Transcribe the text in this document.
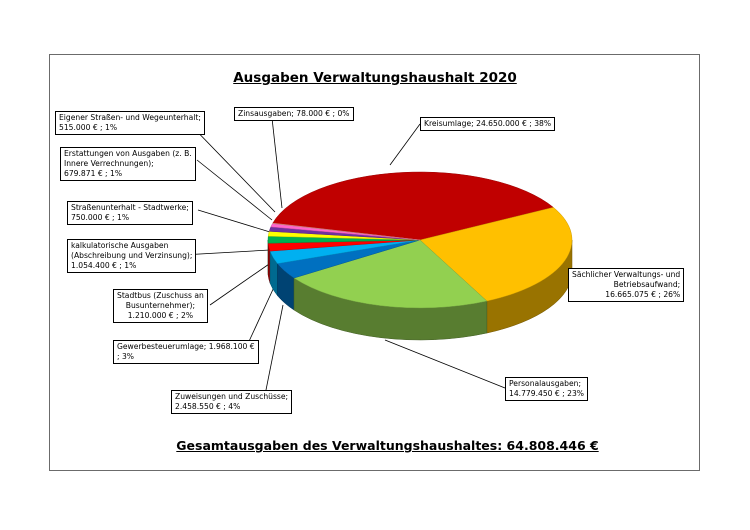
Ausgaben Verwaltungshaushalt 2020
Kreisumlage; 24.650.000 € ; 38%
Sächlicher Verwaltungs- und
Betriebsaufwand;
16.665.075 € ; 26%
Personalausgaben;
14.779.450 € ; 23%
Zuweisungen und Zuschüsse;
2.458.550 € ; 4%
Gewerbesteuerumlage; 1.968.100 €
; 3%
Stadtbus (Zuschuss an
Busunternehmer);
1.210.000 € ; 2%
kalkulatorische Ausgaben
(Abschreibung und Verzinsung);
1.054.400 € ; 1%
Straßenunterhalt - Stadtwerke;
750.000 € ; 1%
Erstattungen von Ausgaben (z. B.
Innere Verrechnungen);
679.871 € ; 1%
Eigener Straßen- und Wegeunterhalt;
515.000 € ; 1%
Zinsausgaben; 78.000 € ; 0%
Gesamtausgaben des Verwaltungshaushaltes: 64.808.446 €
